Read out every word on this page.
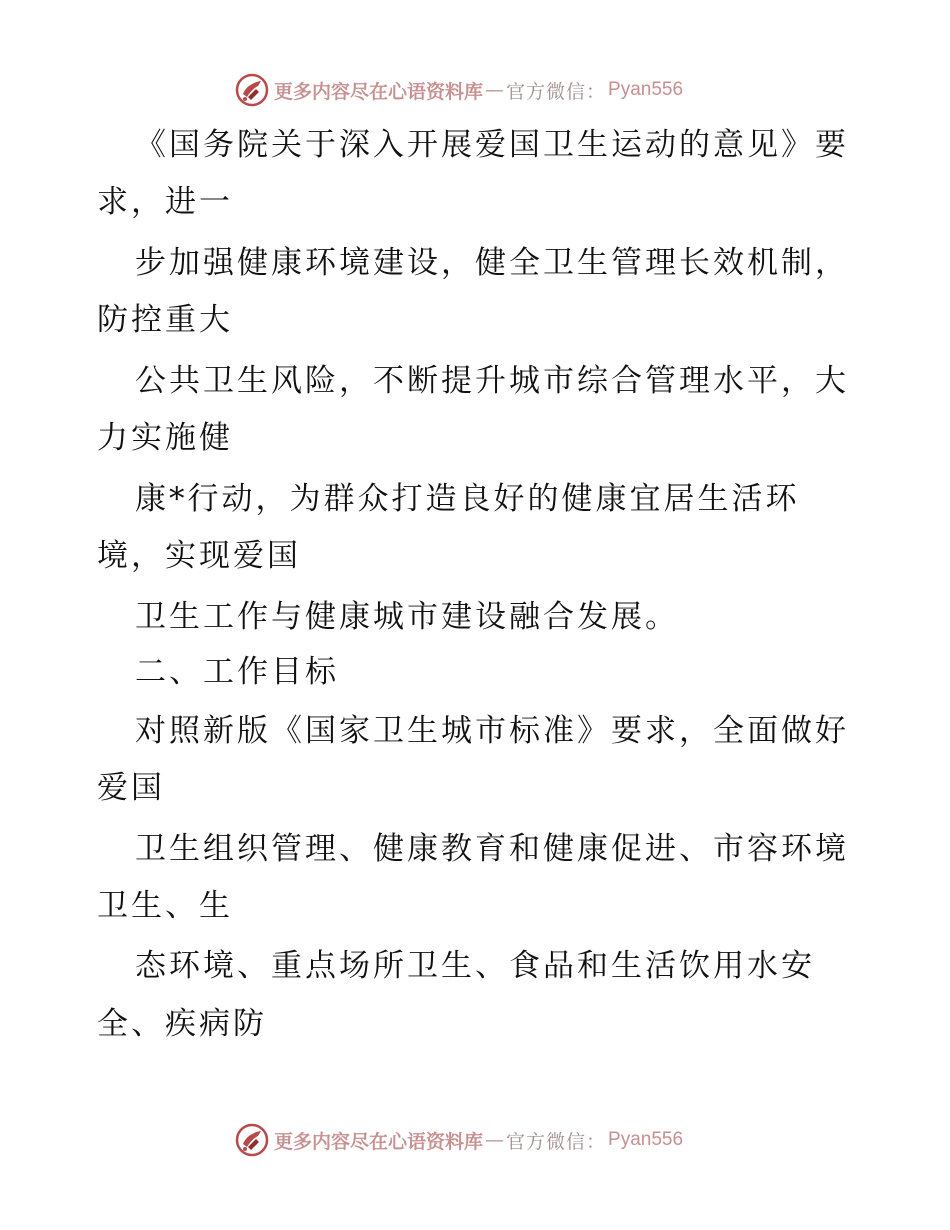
更多内容尽在心语资料库 — 官方微信： Pyan556
《国务院关于深入开展爱国卫生运动的意见》要
求，进一
步加强健康环境建设，健全卫生管理长效机制，
防控重大
公共卫生风险，不断提升城市综合管理水平，大
力实施健
康*行动，为群众打造良好的健康宜居生活环
境，实现爱国
卫生工作与健康城市建设融合发展。
二、工作目标
对照新版《国家卫生城市标准》要求，全面做好
爱国
卫生组织管理、健康教育和健康促进、市容环境
卫生、生
态环境、重点场所卫生、食品和生活饮用水安
全、疾病防
更多内容尽在心语资料库 — 官方微信： Pyan556
